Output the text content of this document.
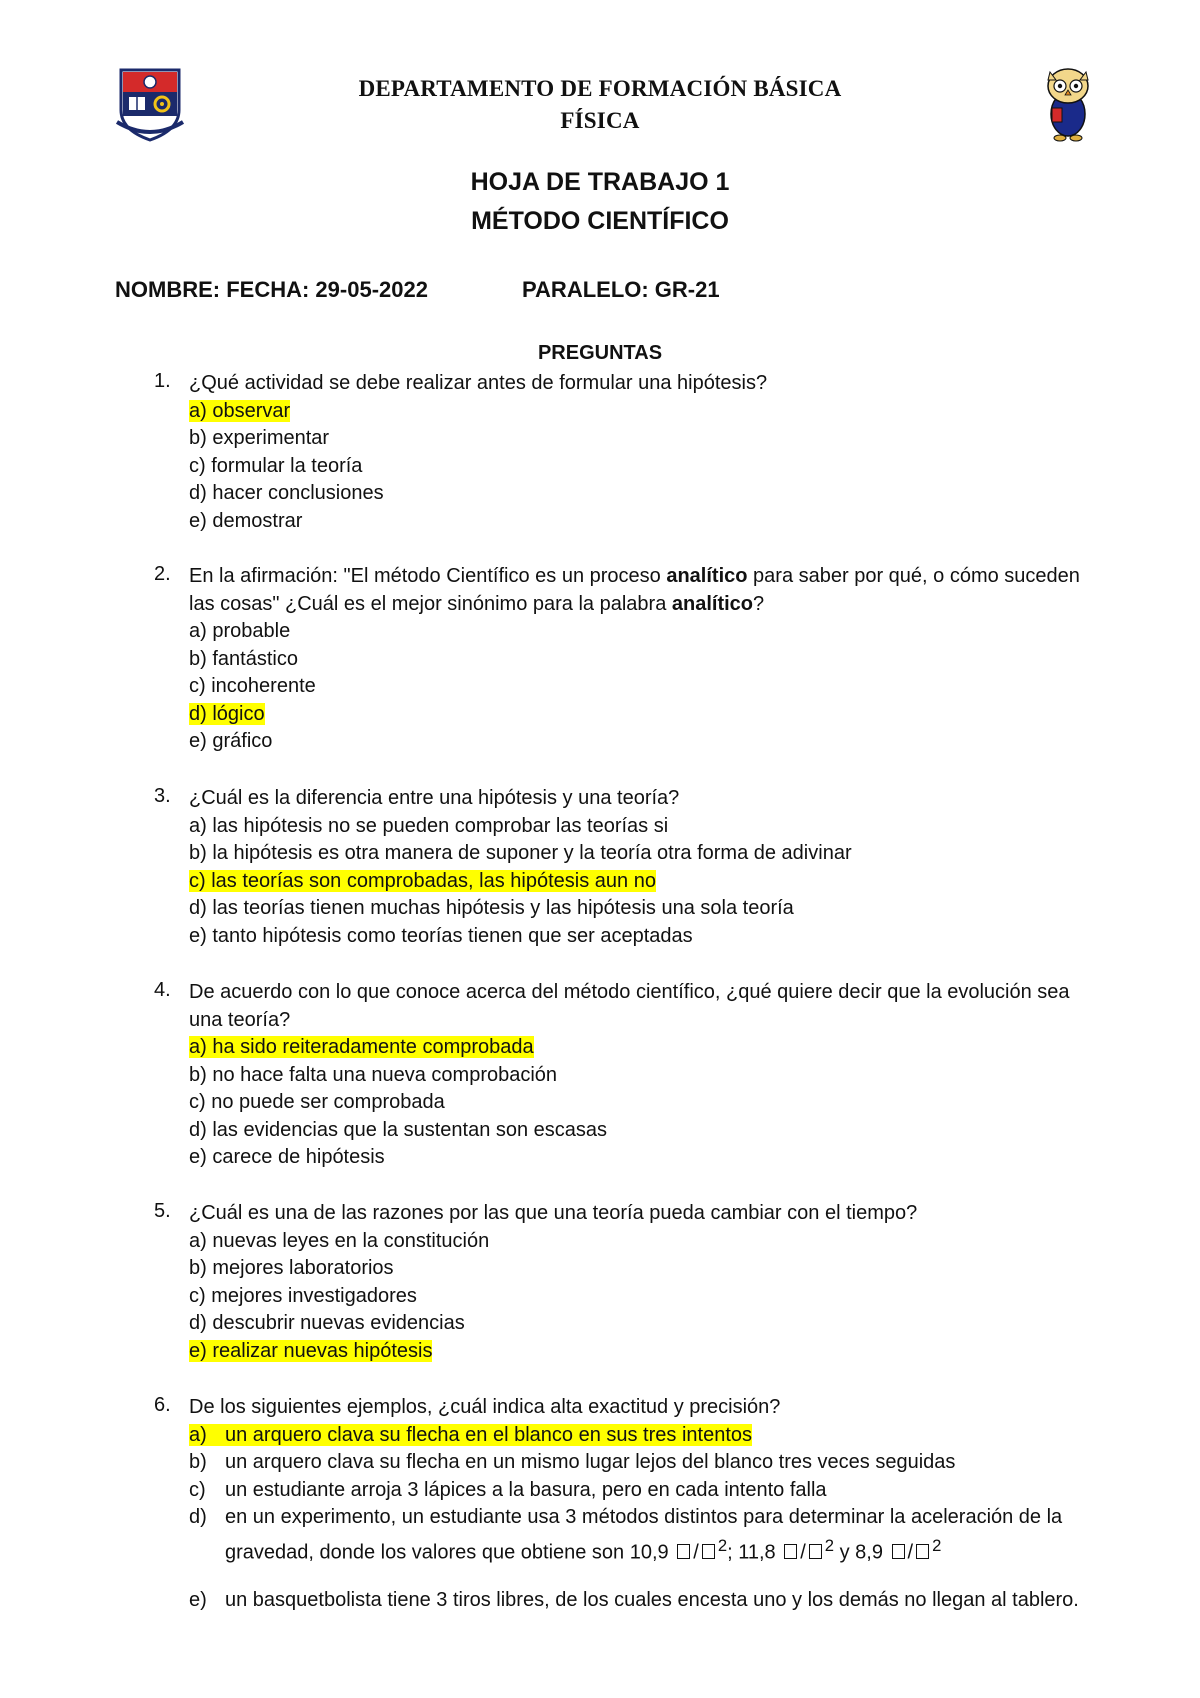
DEPARTAMENTO DE FORMACIÓN BÁSICA
FÍSICA
HOJA DE TRABAJO 1
MÉTODO CIENTÍFICO
NOMBRE: FECHA: 29-05-2022	PARALELO: GR-21
PREGUNTAS
1. ¿Qué actividad se debe realizar antes de formular una hipótesis?
a) observar
b) experimentar
c) formular la teoría
d) hacer conclusiones
e) demostrar
2. En la afirmación: "El método Científico es un proceso analítico para saber por qué, o cómo suceden las cosas" ¿Cuál es el mejor sinónimo para la palabra analítico?
a) probable
b) fantástico
c) incoherente
d) lógico
e) gráfico
3. ¿Cuál es la diferencia entre una hipótesis y una teoría?
a) las hipótesis no se pueden comprobar las teorías si
b) la hipótesis es otra manera de suponer y la teoría otra forma de adivinar
c) las teorías son comprobadas, las hipótesis aun no
d) las teorías tienen muchas hipótesis y las hipótesis una sola teoría
e) tanto hipótesis como teorías tienen que ser aceptadas
4. De acuerdo con lo que conoce acerca del método científico, ¿qué quiere decir que la evolución sea una teoría?
a) ha sido reiteradamente comprobada
b) no hace falta una nueva comprobación
c) no puede ser comprobada
d) las evidencias que la sustentan son escasas
e) carece de hipótesis
5. ¿Cuál es una de las razones por las que una teoría pueda cambiar con el tiempo?
a) nuevas leyes en la constitución
b) mejores laboratorios
c) mejores investigadores
d) descubrir nuevas evidencias
e) realizar nuevas hipótesis
6. De los siguientes ejemplos, ¿cuál indica alta exactitud y precisión?
a) un arquero clava su flecha en el blanco en sus tres intentos
b) un arquero clava su flecha en un mismo lugar lejos del blanco tres veces seguidas
c) un estudiante arroja 3 lápices a la basura, pero en cada intento falla
d) en un experimento, un estudiante usa 3 métodos distintos para determinar la aceleración de la gravedad, donde los valores que obtiene son 10,9 / $^2$; 11,8 / $^2$ y 8,9 / $^2$
e) un basquetbolista tiene 3 tiros libres, de los cuales encesta uno y los demás no llegan al tablero.
